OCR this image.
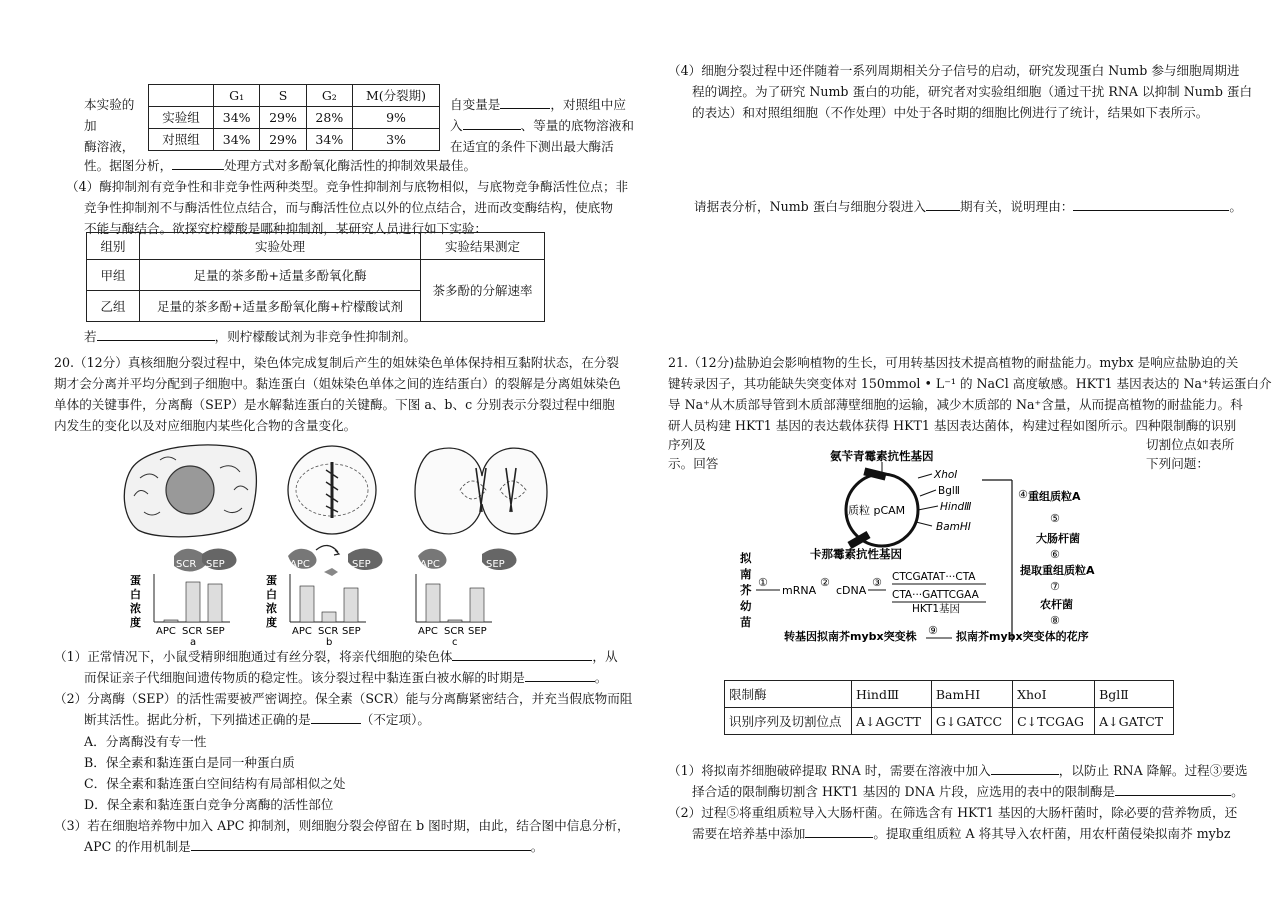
本实验的

加

酶溶液，

	G₁	S	G₂	M(分裂期)
实验组	34%	29%	28%	9%
对照组	34%	29%	34%	3%

自变量是	，对照组中应

入	、等量的底物溶液和

在适宜的条件下测出最大酶活

性。据图分析，	处理方式对多酚氧化酶活性的抑制效果最佳。

（4）酶抑制剂有竞争性和非竞争性两种类型。竞争性抑制剂与底物相似，与底物竞争酶活性位点；非

竞争性抑制剂不与酶活性位点结合，而与酶活性位点以外的位点结合，进而改变酶结构，使底物

不能与酶结合。欲探究柠檬酸是哪种抑制剂，某研究人员进行如下实验：

组别	实验处理	实验结果测定
甲组	足量的茶多酚+适量多酚氧化酶	茶多酚的分解速率
乙组	足量的茶多酚+适量多酚氧化酶+柠檬酸试剂	

若	，则柠檬酸试剂为非竞争性抑制剂。

20.（12分）真核细胞分裂过程中，染色体完成复制后产生的姐妹染色单体保持相互黏附状态，在分裂

期才会分离并平均分配到子细胞中。黏连蛋白（姐妹染色单体之间的连结蛋白）的裂解是分离姐妹染色

单体的关键事件，分离酶（SEP）是水解黏连蛋白的关键酶。下图 a、b、c 分别表示分裂过程中细胞

内发生的变化以及对应细胞内某些化合物的含量变化。

SCR SEP	APC	SEP	APC	SEP
蛋
白
浓
度
蛋
白
浓
度
APC SCR SEP	APC SCR SEP	APC SCR SEP
a	b	c

（1）正常情况下，小鼠受精卵细胞通过有丝分裂，将亲代细胞的染色体	，从

而保证亲子代细胞间遗传物质的稳定性。该分裂过程中黏连蛋白被水解的时期是	。

（2）分离酶（SEP）的活性需要被严密调控。保全素（SCR）能与分离酶紧密结合，并充当假底物而阻

断其活性。据此分析，下列描述正确的是	（不定项）。

A．分离酶没有专一性

B．保全素和黏连蛋白是同一种蛋白质

C．保全素和黏连蛋白空间结构有局部相似之处

D．保全素和黏连蛋白竞争分离酶的活性部位

（3）若在细胞培养物中加入 APC 抑制剂，则细胞分裂会停留在 b 图时期，由此，结合图中信息分析，

APC 的作用机制是	。

（4）细胞分裂过程中还伴随着一系列周期相关分子信号的启动，研究发现蛋白 Numb 参与细胞周期进

程的调控。为了研究 Numb 蛋白的功能，研究者对实验组细胞（通过干扰 RNA 以抑制 Numb 蛋白

的表达）和对照组细胞（不作处理）中处于各时期的细胞比例进行了统计，结果如下表所示。

请据表分析，Numb 蛋白与细胞分裂进入	期有关，说明理由：	。

21.（12分)盐胁迫会影响植物的生长，可用转基因技术提高植物的耐盐能力。mybx 是响应盐胁迫的关

键转录因子，其功能缺失突变体对 150mmol • L⁻¹ 的 NaCl 高度敏感。HKT1 基因表达的 Na⁺转运蛋白介

导 Na⁺从木质部导管到木质部薄壁细胞的运输，减少木质部的 Na⁺含量，从而提高植物的耐盐能力。科

研人员构建 HKT1 基因的表达载体获得 HKT1 基因表达菌体，构建过程如图所示。四种限制酶的识别

序列及	切割位点如表所

示。回答	下列问题：

氨苄青霉素抗性基因
质粒 pCAM
XhoⅠ
BglⅡ
HindⅢ
BamHⅠ
卡那霉素抗性基因
④ 重组质粒A
⑤
大肠杆菌
⑥
提取重组质粒A
⑦
农杆菌
⑧
拟
南
芥
幼
苗
①
mRNA
②
cDNA
③ CTCGATAT···CTA
CTA···GATTCGAA
HKT1基因
转基因拟南芥mybx突变株 ⑨ 拟南芥mybx突变体的花序
限制酶	HindⅢ	BamHI	XhoI	BglⅡ
识别序列及切割位点	A↓AGCTT	G↓GATCC	C↓TCGAG	A↓GATCT

（1）将拟南芥细胞破碎提取 RNA 时，需要在溶液中加入	，以防止 RNA 降解。过程③要选

择合适的限制酶切割含 HKT1 基因的 DNA 片段，应选用的表中的限制酶是	。

（2）过程⑤将重组质粒导入大肠杆菌。在筛选含有 HKT1 基因的大肠杆菌时，除必要的营养物质，还

需要在培养基中添加	。提取重组质粒 A 将其导入农杆菌，用农杆菌侵染拟南芥 mybz
